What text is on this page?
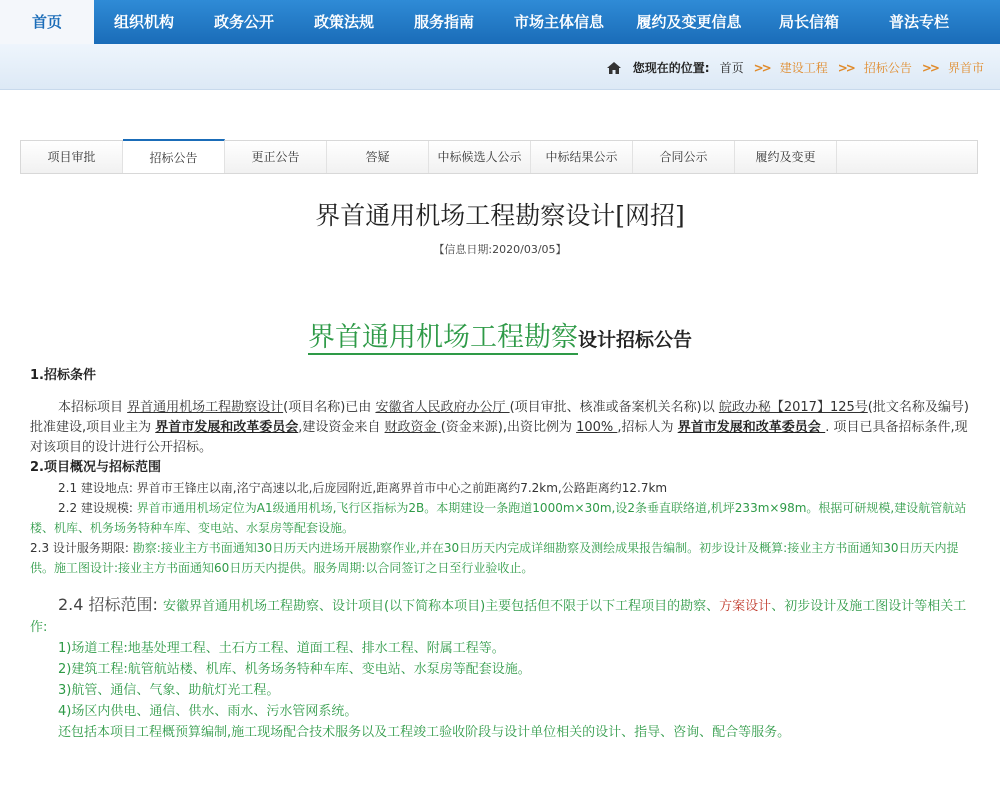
首页	组织机构	政务公开	政策法规	服务指南	市场主体信息	履约及变更信息	局长信箱	普法专栏
您现在的位置: 首页 >> 建设工程 >> 招标公告 >> 界首市
项目审批	招标公告	更正公告	答疑	中标候选人公示	中标结果公示	合同公示	履约及变更
界首通用机场工程勘察设计[网招]
【信息日期:2020/03/05】
界首通用机场工程勘察设计招标公告
1.招标条件
本招标项目 界首通用机场工程勘察设计(项目名称)已由 安徽省人民政府办公厅 (项目审批、核准或备案机关名称)以 皖政办秘【2017】125号(批文名称及编号)批准建设,项目业主为 界首市发展和改革委员会,建设资金来自 财政资金 (资金来源),出资比例为 100% ,招标人为 界首市发展和改革委员会 . 项目已具备招标条件,现对该项目的设计进行公开招标。
2.项目概况与招标范围
2.1 建设地点: 界首市王锋庄以南,洺宁高速以北,后庞园附近,距离界首市中心之前距离约7.2km,公路距离约12.7km
2.2 建设规模: 界首市通用机场定位为A1级通用机场,飞行区指标为2B。本期建设一条跑道1000m×30m,设2条垂直联络道,机坪233m×98m。根据可研规模,建设航管航站楼、机库、机务场务特种车库、变电站、水泵房等配套设施。
2.3 设计服务期限: 勘察:接业主方书面通知30日历天内进场开展勘察作业,并在30日历天内完成详细勘察及测绘成果报告编制。初步设计及概算:接业主方书面通知30日历天内提供。施工图设计:接业主方书面通知60日历天内提供。服务周期:以合同签订之日至行业验收止。
2.4 招标范围: 安徽界首通用机场工程勘察、设计项目(以下简称本项目)主要包括但不限于以下工程项目的勘察、方案设计、初步设计及施工图设计等相关工作:
1)场道工程:地基处理工程、土石方工程、道面工程、排水工程、附属工程等。
2)建筑工程:航管航站楼、机库、机务场务特种车库、变电站、水泵房等配套设施。
3)航管、通信、气象、助航灯光工程。
4)场区内供电、通信、供水、雨水、污水管网系统。
还包括本项目工程概预算编制,施工现场配合技术服务以及工程竣工验收阶段与设计单位相关的设计、指导、咨询、配合等服务。
